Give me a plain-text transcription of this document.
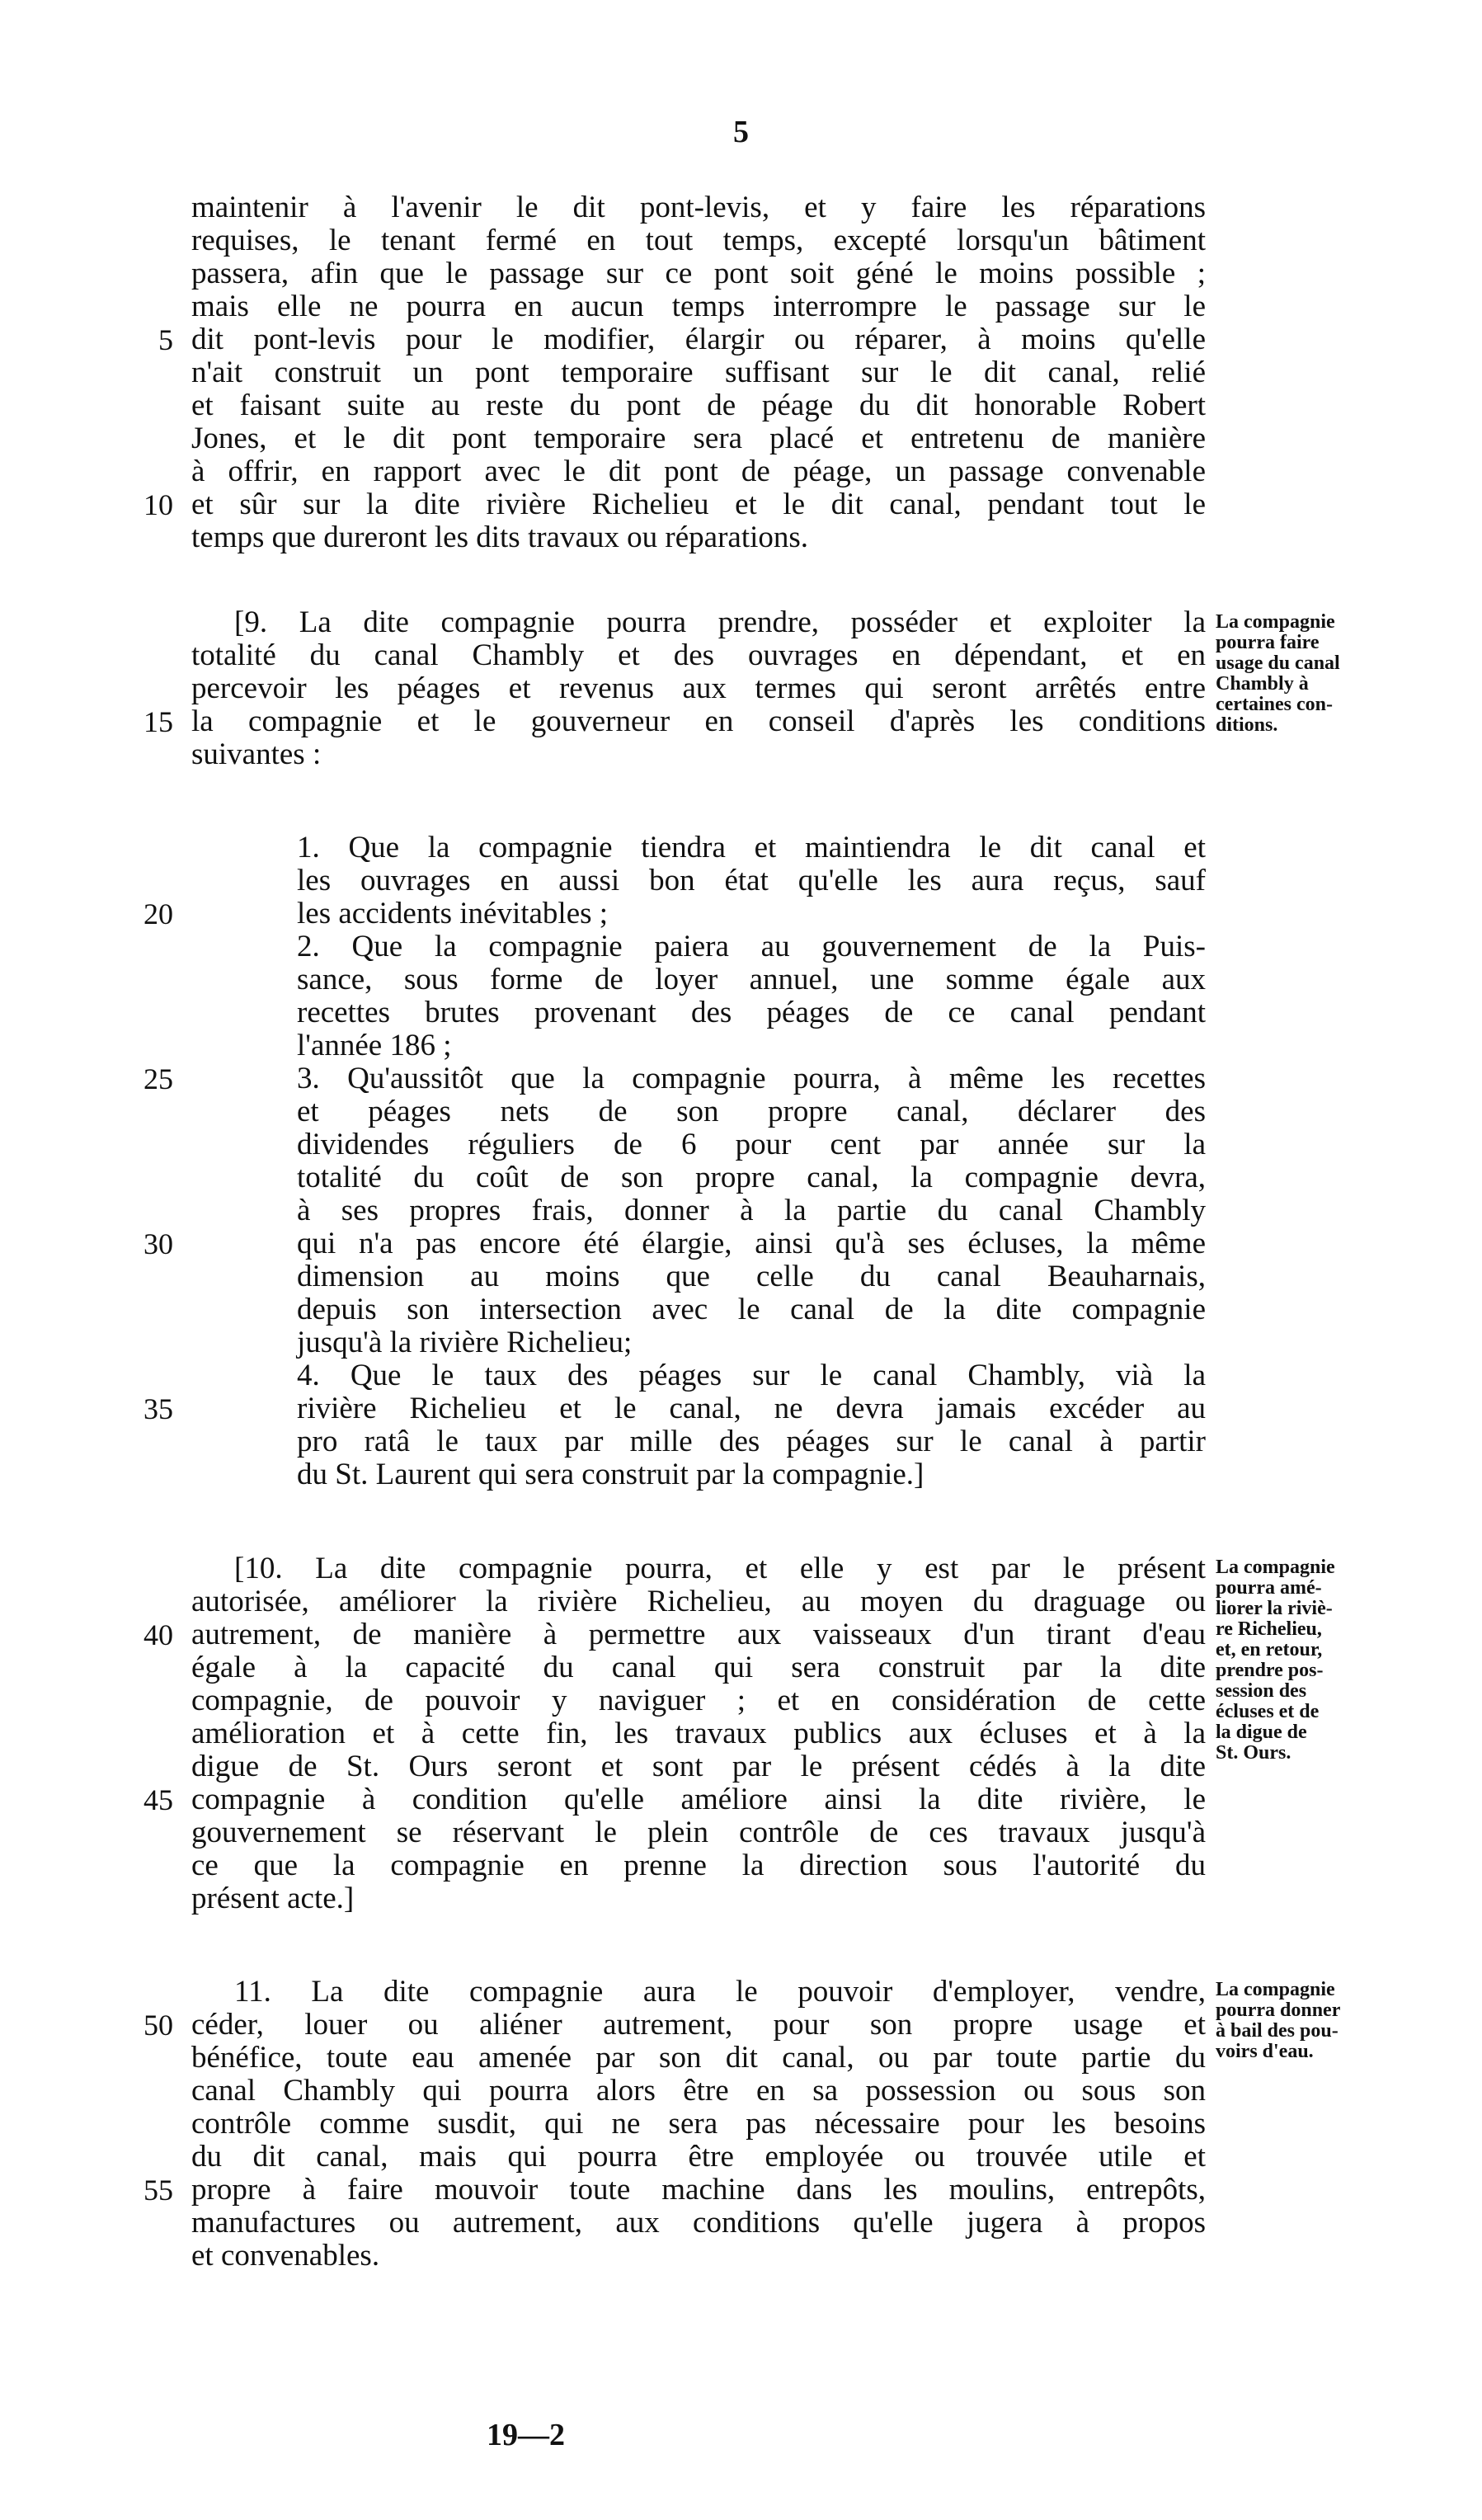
5
maintenir à l'avenir le dit pont-levis, et y faire les réparations
requises, le tenant fermé en tout temps, excepté lorsqu'un bâtiment
passera, afin que le passage sur ce pont soit géné le moins possible ;
mais elle ne pourra en aucun temps interrompre le passage sur le
dit pont-levis pour le modifier, élargir ou réparer, à moins qu'elle
n'ait construit un pont temporaire suffisant sur le dit canal, relié
et faisant suite au reste du pont de péage du dit honorable Robert
Jones, et le dit pont temporaire sera placé et entretenu de manière
à offrir, en rapport avec le dit pont de péage, un passage convenable
et sûr sur la dite rivière Richelieu et le dit canal, pendant tout le
temps que dureront les dits travaux ou réparations.
[9. La dite compagnie pourra prendre, posséder et exploiter la
totalité du canal Chambly et des ouvrages en dépendant, et en
percevoir les péages et revenus aux termes qui seront arrêtés entre
la compagnie et le gouverneur en conseil d'après les conditions
suivantes :
1. Que la compagnie tiendra et maintiendra le dit canal et
les ouvrages en aussi bon état qu'elle les aura reçus, sauf
les accidents inévitables ;
2. Que la compagnie paiera au gouvernement de la Puis-
sance, sous forme de loyer annuel, une somme égale aux
recettes brutes provenant des péages de ce canal pendant
l'année 186 ;
3. Qu'aussitôt que la compagnie pourra, à même les recettes
et péages nets de son propre canal, déclarer des
dividendes réguliers de 6 pour cent par année sur la
totalité du coût de son propre canal, la compagnie devra,
à ses propres frais, donner à la partie du canal Chambly
qui n'a pas encore été élargie, ainsi qu'à ses écluses, la même
dimension au moins que celle du canal Beauharnais,
depuis son intersection avec le canal de la dite compagnie
jusqu'à la rivière Richelieu;
4. Que le taux des péages sur le canal Chambly, vià la
rivière Richelieu et le canal, ne devra jamais excéder au
pro ratâ le taux par mille des péages sur le canal à partir
du St. Laurent qui sera construit par la compagnie.]
[10. La dite compagnie pourra, et elle y est par le présent
autorisée, améliorer la rivière Richelieu, au moyen du draguage ou
autrement, de manière à permettre aux vaisseaux d'un tirant d'eau
égale à la capacité du canal qui sera construit par la dite
compagnie, de pouvoir y naviguer ; et en considération de cette
amélioration et à cette fin, les travaux publics aux écluses et à la
digue de St. Ours seront et sont par le présent cédés à la dite
compagnie à condition qu'elle améliore ainsi la dite rivière, le
gouvernement se réservant le plein contrôle de ces travaux jusqu'à
ce que la compagnie en prenne la direction sous l'autorité du
présent acte.]
11. La dite compagnie aura le pouvoir d'employer, vendre,
céder, louer ou aliéner autrement, pour son propre usage et
bénéfice, toute eau amenée par son dit canal, ou par toute partie du
canal Chambly qui pourra alors être en sa possession ou sous son
contrôle comme susdit, qui ne sera pas nécessaire pour les besoins
du dit canal, mais qui pourra être employée ou trouvée utile et
propre à faire mouvoir toute machine dans les moulins, entrepôts,
manufactures ou autrement, aux conditions qu'elle jugera à propos
et convenables.
5
10
15
20
25
30
35
40
45
50
55
La compagnie
pourra faire
usage du canal
Chambly à
certaines con-
ditions.
La compagnie
pourra amé-
liorer la riviè-
re Richelieu,
et, en retour,
prendre pos-
session des
écluses et de
la digue de
St. Ours.
La compagnie
pourra donner
à bail des pou-
voirs d'eau.
19—2
